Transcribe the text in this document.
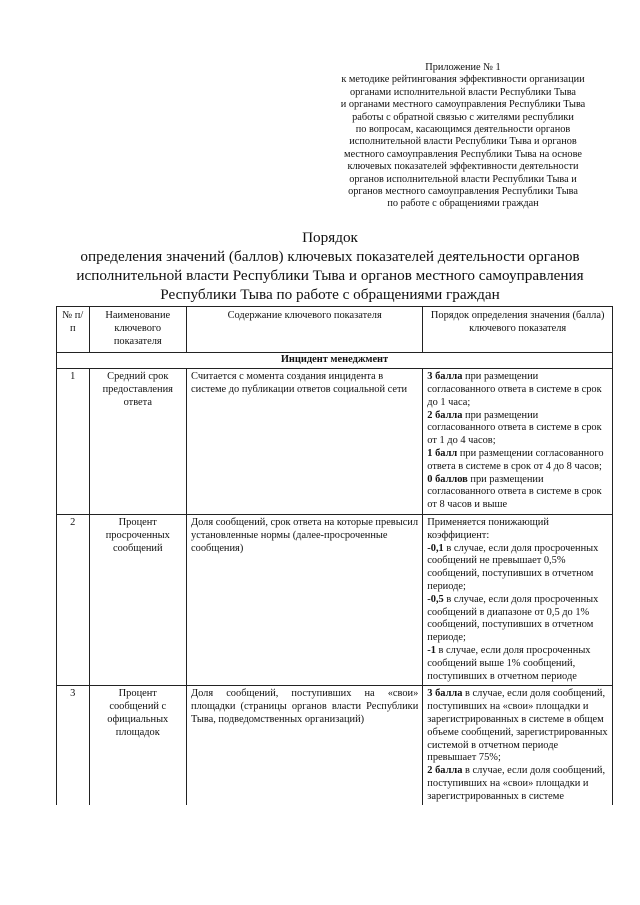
Приложение № 1
к методике рейтингования эффективности организации
органами исполнительной власти Республики Тыва
и органами местного самоуправления Республики Тыва
работы с обратной связью с жителями республики
по вопросам, касающимся деятельности органов
исполнительной власти Республики Тыва и органов
местного самоуправления Республики Тыва на основе
ключевых показателей эффективности деятельности
органов исполнительной власти Республики Тыва и
органов местного самоуправления Республики Тыва
по работе с обращениями граждан
Порядок
определения значений (баллов) ключевых показателей деятельности органов
исполнительной власти Республики Тыва и органов местного самоуправления
Республики Тыва по работе с обращениями граждан
№ п/п	Наименование ключевого показателя	Содержание ключевого показателя	Порядок определения значения (балла) ключевого показателя
Инцидент менеджмент			
1	Средний срок предоставления ответа	Считается с момента создания инцидента в системе до публикации ответов социальной сети	3 балла при размещении согласованного ответа в системе в срок до 1 часа;
2 балла при размещении согласованного ответа в системе в срок от 1 до 4 часов;
1 балл при размещении согласованного ответа в системе в срок от 4 до 8 часов;
0 баллов при размещении согласованного ответа в системе в срок от 8 часов и выше

2	Процент просроченных сообщений	Доля сообщений, срок ответа на которые превысил установленные нормы (далее-просроченные сообщения)	Применяется понижающий коэффициент:
-0,1 в случае, если доля просроченных сообщений не превышает 0,5% сообщений, поступивших в отчетном периоде;
-0,5 в случае, если доля просроченных сообщений в диапазоне от 0,5 до 1% сообщений, поступивших в отчетном периоде;
-1 в случае, если доля просроченных сообщений выше 1% сообщений, поступивших в отчетном периоде

3	Процент сообщений с официальных площадок	Доля сообщений, поступивших на «свои» площадки (страницы органов власти Республики Тыва, подведомственных организаций)	3 балла в случае, если доля сообщений, поступивших на «свои» площадки и зарегистрированных в системе в общем объеме сообщений, зарегистрированных системой в отчетном периоде превышает 75%;
2 балла в случае, если доля сообщений, поступивших на «свои» площадки и зарегистрированных в системе
